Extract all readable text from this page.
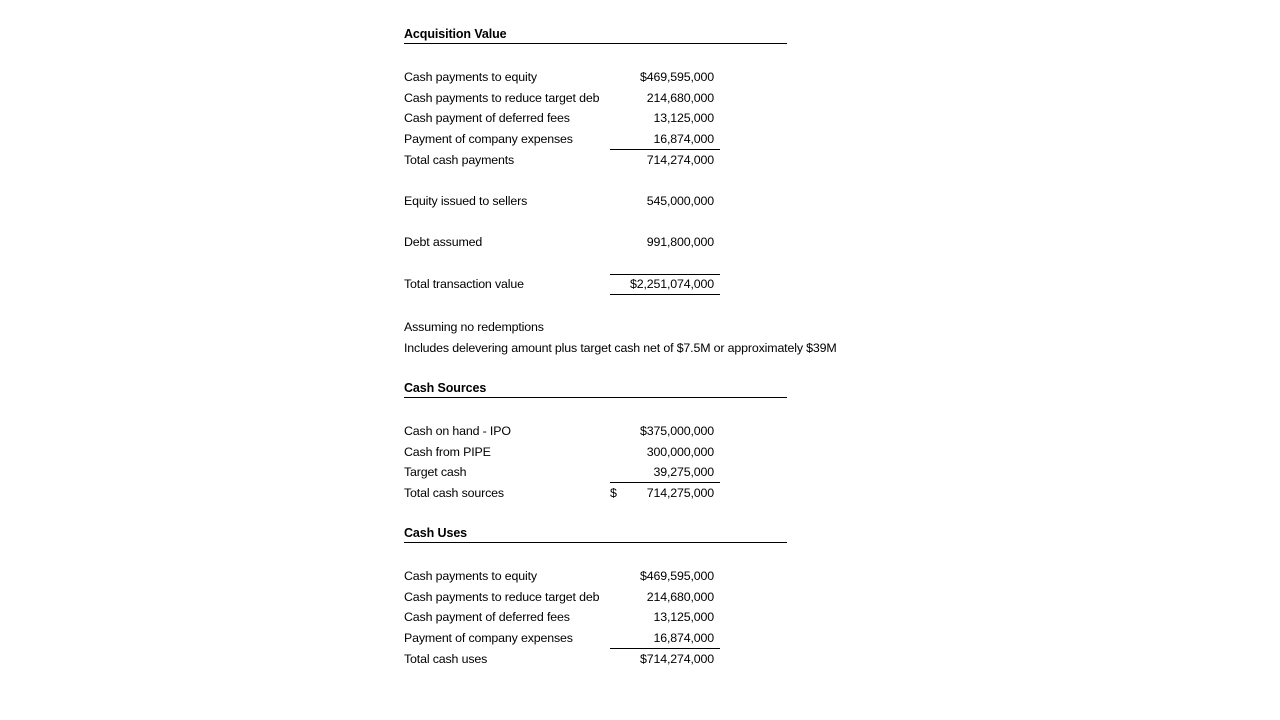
Acquisition Value
Cash payments to equity	$469,595,000
Cash payments to reduce target deb	214,680,000
Cash payment of deferred fees	13,125,000
Payment of company expenses	16,874,000
Total cash payments	714,274,000
Equity issued to sellers	545,000,000
Debt assumed	991,800,000
Total transaction value	$2,251,074,000
Assuming no redemptions
Includes delevering amount plus target cash net of $7.5M or approximately $39M
Cash Sources
Cash on hand - IPO	$375,000,000
Cash from PIPE	300,000,000
Target cash	39,275,000
Total cash sources	$	714,275,000
Cash Uses
Cash payments to equity	$469,595,000
Cash payments to reduce target deb	214,680,000
Cash payment of deferred fees	13,125,000
Payment of company expenses	16,874,000
Total cash uses	$714,274,000
